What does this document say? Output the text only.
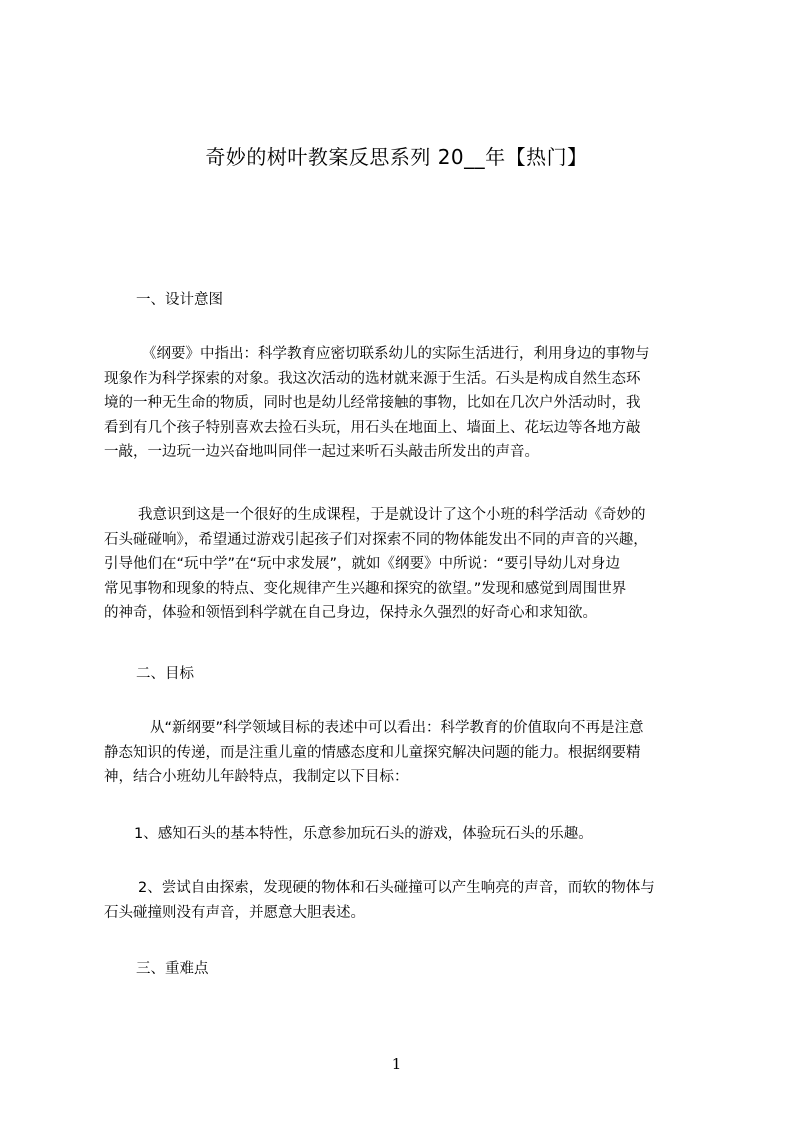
奇妙的树叶教案反思系列 20__年【热门】
一、设计意图
《纲要》中指出：科学教育应密切联系幼儿的实际生活进行，利用身边的事物与
现象作为科学探索的对象。我这次活动的选材就来源于生活。石头是构成自然生态环
境的一种无生命的物质，同时也是幼儿经常接触的事物，比如在几次户外活动时，我
看到有几个孩子特别喜欢去捡石头玩，用石头在地面上、墙面上、花坛边等各地方敲
一敲，一边玩一边兴奋地叫同伴一起过来听石头敲击所发出的声音。
我意识到这是一个很好的生成课程，于是就设计了这个小班的科学活动《奇妙的
石头碰碰响》，希望通过游戏引起孩子们对探索不同的物体能发出不同的声音的兴趣，
引导他们在“玩中学”在“玩中求发展”，就如《纲要》中所说：“要引导幼儿对身边
常见事物和现象的特点、变化规律产生兴趣和探究的欲望。”发现和感觉到周围世界
的神奇，体验和领悟到科学就在自己身边，保持永久强烈的好奇心和求知欲。
二、目标
从“新纲要”科学领域目标的表述中可以看出：科学教育的价值取向不再是注意
静态知识的传递，而是注重儿童的情感态度和儿童探究解决问题的能力。根据纲要精
神，结合小班幼儿年龄特点，我制定以下目标：
1、感知石头的基本特性，乐意参加玩石头的游戏，体验玩石头的乐趣。
2、尝试自由探索，发现硬的物体和石头碰撞可以产生响亮的声音，而软的物体与
石头碰撞则没有声音，并愿意大胆表述。
三、重难点
1
